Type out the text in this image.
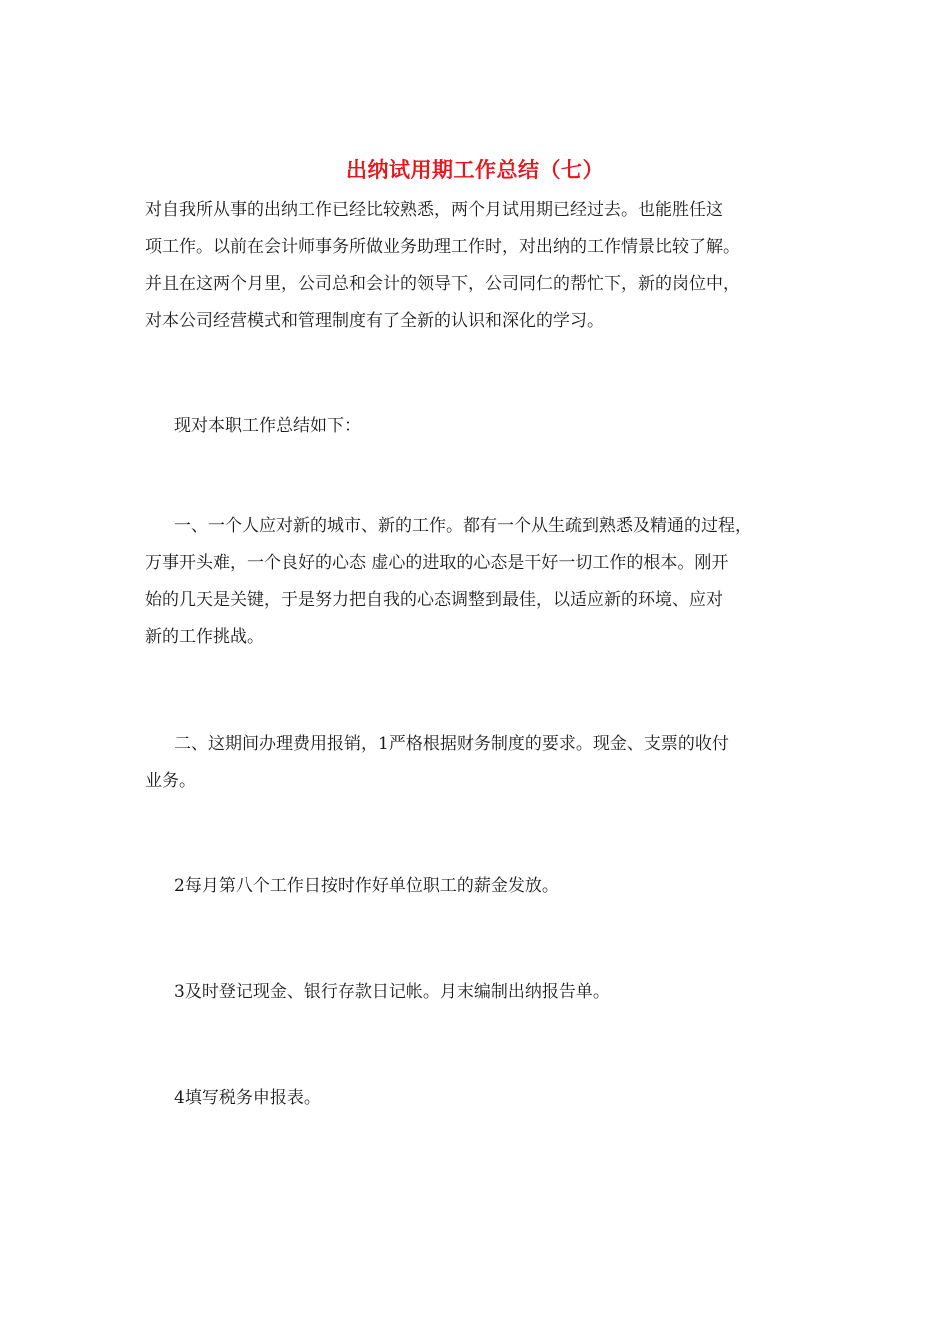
出纳试用期工作总结（七）
对自我所从事的出纳工作已经比较熟悉，两个月试用期已经过去。也能胜任这
项工作。以前在会计师事务所做业务助理工作时，对出纳的工作情景比较了解。
并且在这两个月里，公司总和会计的领导下，公司同仁的帮忙下，新的岗位中，
对本公司经营模式和管理制度有了全新的认识和深化的学习。
现对本职工作总结如下：
一、一个人应对新的城市、新的工作。都有一个从生疏到熟悉及精通的过程，
万事开头难，一个良好的心态 虚心的进取的心态是干好一切工作的根本。刚开
始的几天是关键，于是努力把自我的心态调整到最佳，以适应新的环境、应对
新的工作挑战。
二、这期间办理费用报销，1严格根据财务制度的要求。现金、支票的收付
业务。
2每月第八个工作日按时作好单位职工的薪金发放。
3及时登记现金、银行存款日记帐。月末编制出纳报告单。
4填写税务申报表。
